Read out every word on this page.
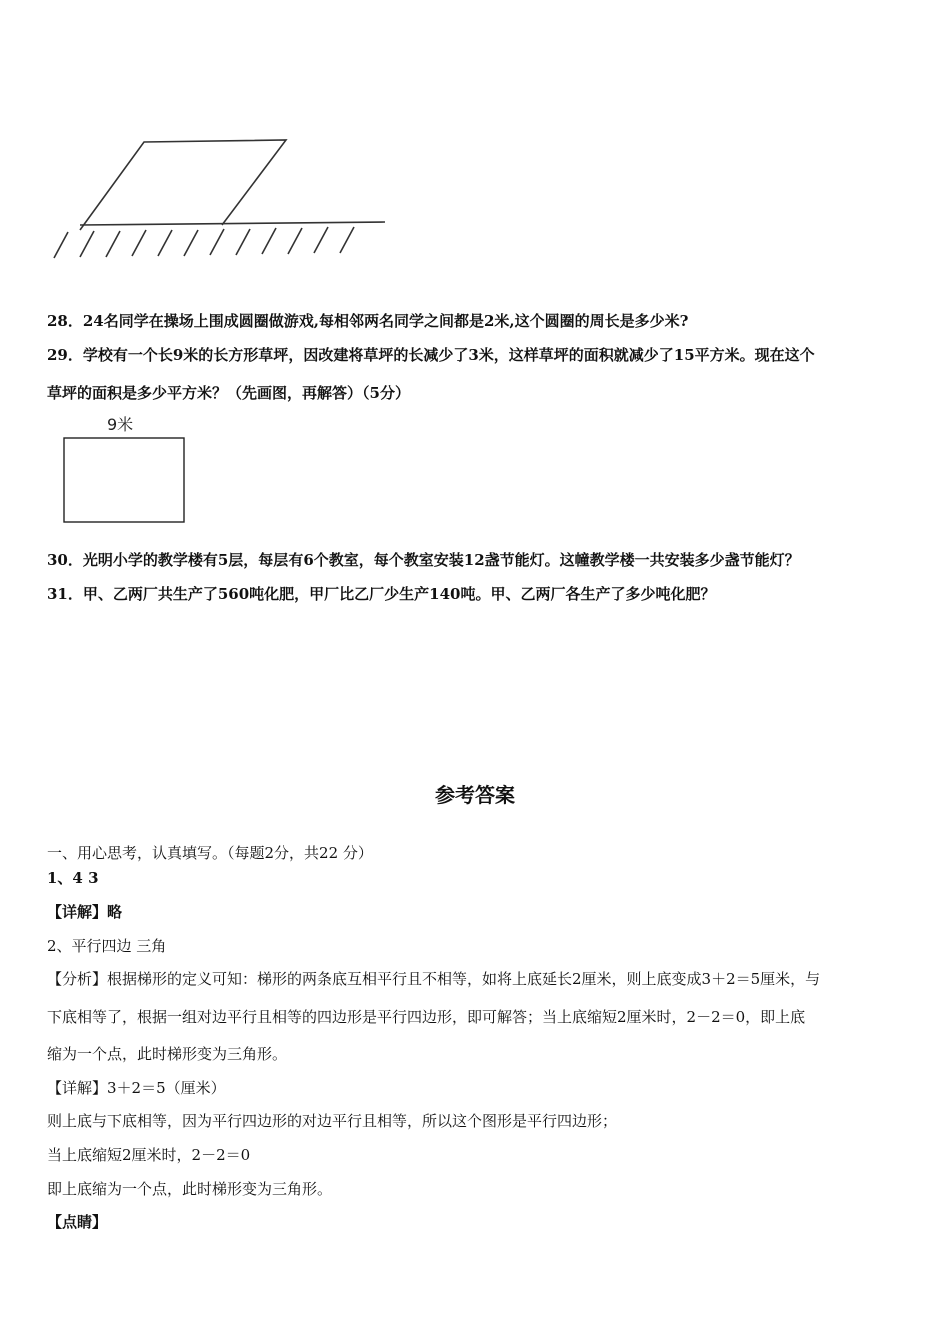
28．24名同学在操场上围成圆圈做游戏,每相邻两名同学之间都是2米,这个圆圈的周长是多少米?
29．学校有一个长9米的长方形草坪，因改建将草坪的长减少了3米，这样草坪的面积就减少了15平方米。现在这个
草坪的面积是多少平方米？（先画图，再解答）（5分）
9米
30．光明小学的教学楼有5层，每层有6个教室，每个教室安装12盏节能灯。这幢教学楼一共安装多少盏节能灯？
31．甲、乙两厂共生产了560吨化肥，甲厂比乙厂少生产140吨。甲、乙两厂各生产了多少吨化肥？
参考答案
一、用心思考，认真填写。（每题2分，共22 分）
1、4 3
【详解】略
2、平行四边 三角
【分析】根据梯形的定义可知：梯形的两条底互相平行且不相等，如将上底延长2厘米，则上底变成3＋2＝5厘米，与
下底相等了，根据一组对边平行且相等的四边形是平行四边形，即可解答；当上底缩短2厘米时，2－2＝0，即上底
缩为一个点，此时梯形变为三角形。
【详解】3＋2＝5（厘米）
则上底与下底相等，因为平行四边形的对边平行且相等，所以这个图形是平行四边形；
当上底缩短2厘米时，2－2＝0
即上底缩为一个点，此时梯形变为三角形。
【点睛】
